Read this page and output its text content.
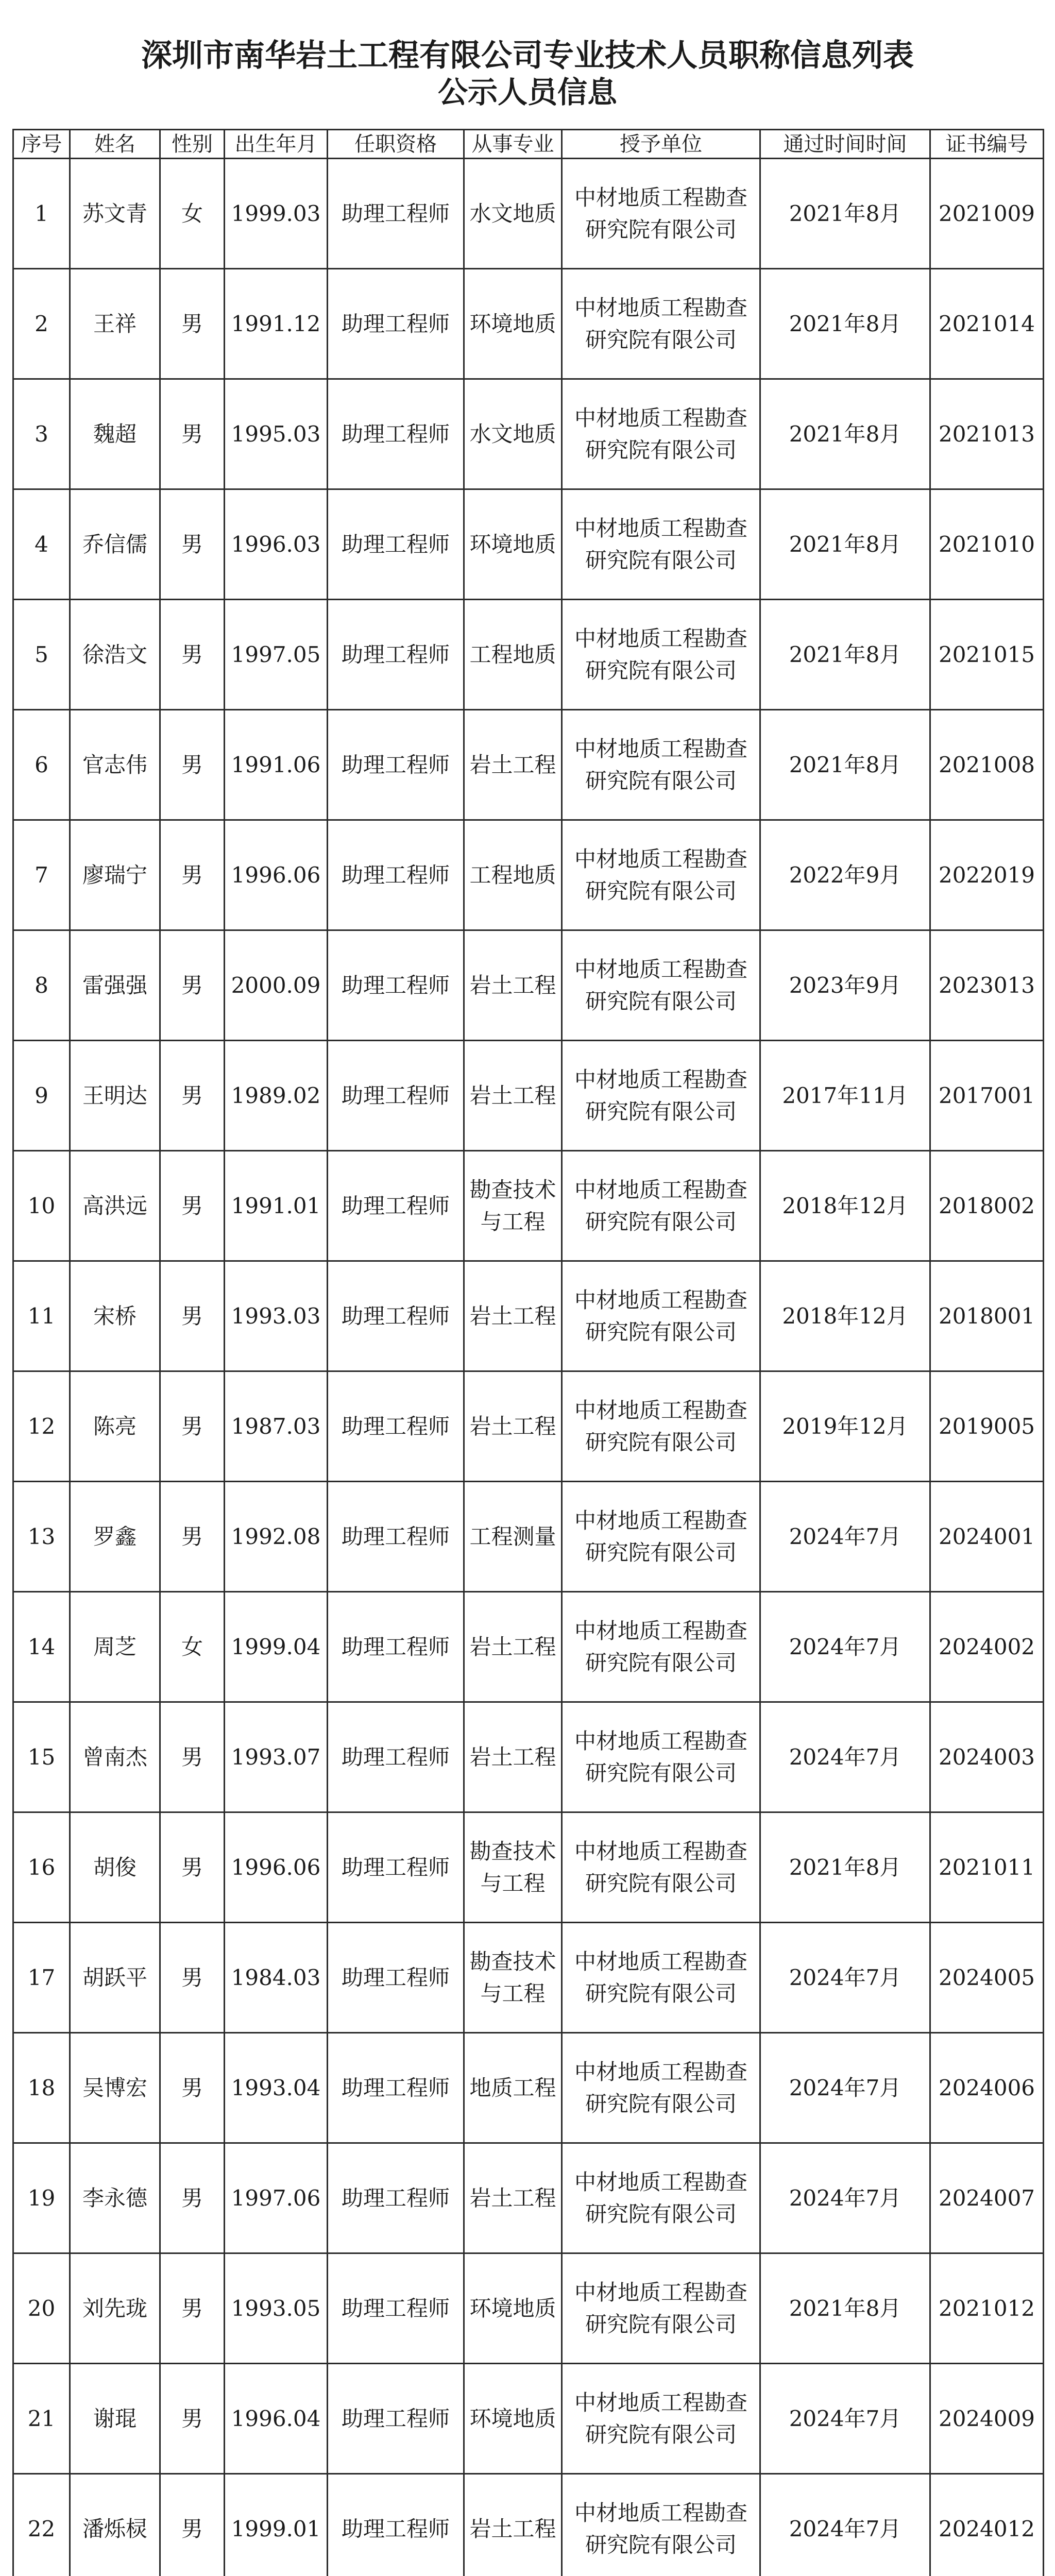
深圳市南华岩土工程有限公司专业技术人员职称信息列表
公示人员信息
序号	姓名	性别	出生年月	任职资格	从事专业	授予单位	通过时间时间	证书编号
1	苏文青	女	1999.03	助理工程师	水文地质	中材地质工程勘查研究院有限公司	2021年8月	2021009
2	王祥	男	1991.12	助理工程师	环境地质	中材地质工程勘查研究院有限公司	2021年8月	2021014
3	魏超	男	1995.03	助理工程师	水文地质	中材地质工程勘查研究院有限公司	2021年8月	2021013
4	乔信儒	男	1996.03	助理工程师	环境地质	中材地质工程勘查研究院有限公司	2021年8月	2021010
5	徐浩文	男	1997.05	助理工程师	工程地质	中材地质工程勘查研究院有限公司	2021年8月	2021015
6	官志伟	男	1991.06	助理工程师	岩土工程	中材地质工程勘查研究院有限公司	2021年8月	2021008
7	廖瑞宁	男	1996.06	助理工程师	工程地质	中材地质工程勘查研究院有限公司	2022年9月	2022019
8	雷强强	男	2000.09	助理工程师	岩土工程	中材地质工程勘查研究院有限公司	2023年9月	2023013
9	王明达	男	1989.02	助理工程师	岩土工程	中材地质工程勘查研究院有限公司	2017年11月	2017001
10	高洪远	男	1991.01	助理工程师	勘查技术与工程	中材地质工程勘查研究院有限公司	2018年12月	2018002
11	宋桥	男	1993.03	助理工程师	岩土工程	中材地质工程勘查研究院有限公司	2018年12月	2018001
12	陈亮	男	1987.03	助理工程师	岩土工程	中材地质工程勘查研究院有限公司	2019年12月	2019005
13	罗鑫	男	1992.08	助理工程师	工程测量	中材地质工程勘查研究院有限公司	2024年7月	2024001
14	周芝	女	1999.04	助理工程师	岩土工程	中材地质工程勘查研究院有限公司	2024年7月	2024002
15	曾南杰	男	1993.07	助理工程师	岩土工程	中材地质工程勘查研究院有限公司	2024年7月	2024003
16	胡俊	男	1996.06	助理工程师	勘查技术与工程	中材地质工程勘查研究院有限公司	2021年8月	2021011
17	胡跃平	男	1984.03	助理工程师	勘查技术与工程	中材地质工程勘查研究院有限公司	2024年7月	2024005
18	吴博宏	男	1993.04	助理工程师	地质工程	中材地质工程勘查研究院有限公司	2024年7月	2024006
19	李永德	男	1997.06	助理工程师	岩土工程	中材地质工程勘查研究院有限公司	2024年7月	2024007
20	刘先珑	男	1993.05	助理工程师	环境地质	中材地质工程勘查研究院有限公司	2021年8月	2021012
21	谢琨	男	1996.04	助理工程师	环境地质	中材地质工程勘查研究院有限公司	2024年7月	2024009
22	潘烁棂	男	1999.01	助理工程师	岩土工程	中材地质工程勘查研究院有限公司	2024年7月	2024012
